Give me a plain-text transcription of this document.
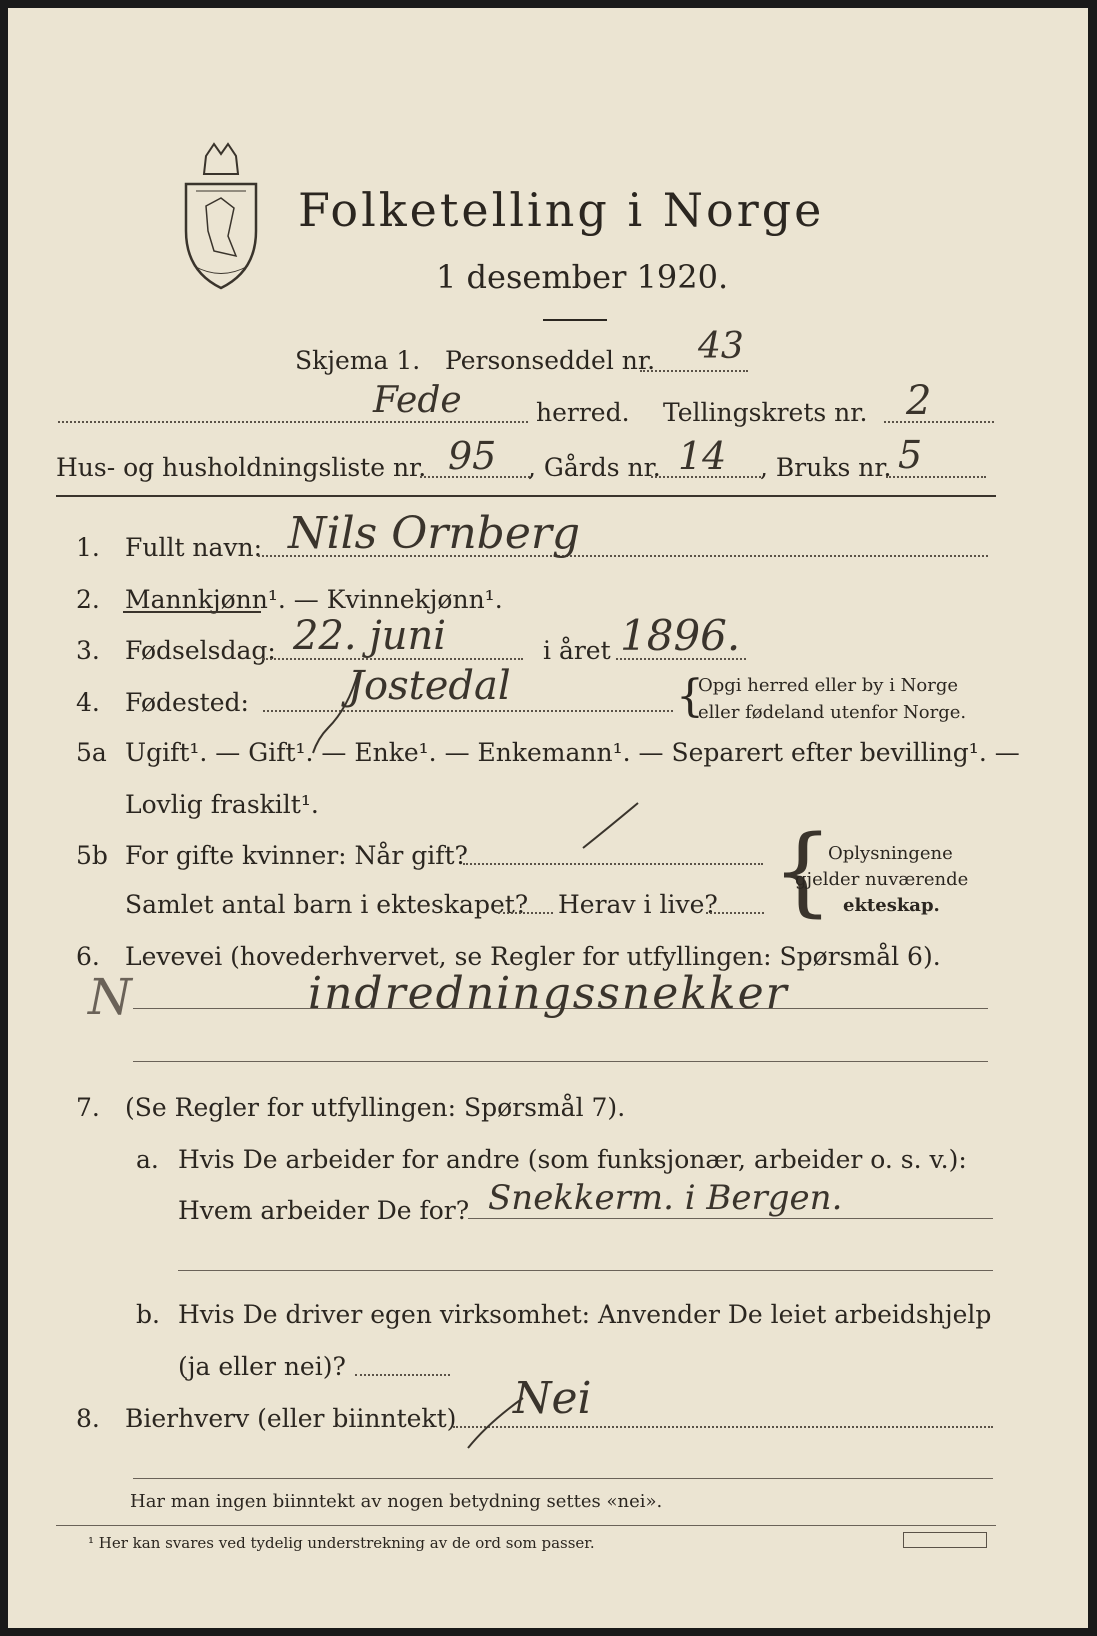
Folketelling i Norge
1 desember 1920.
Skjema 1. Personseddel nr. 43
Fede	herred. Tellingskrets nr. 2
Hus- og husholdningsliste nr. 95 , Gårds nr. 14 , Bruks nr. 5
1. Fullt navn: Nils Ornberg
2. Mannkjønn¹. — Kvinnekjønn¹.
3. Fødselsdag: 22. juni	i året 1896.
4. Fødested: Jostedal	{
Opgi herred eller by i Norge
eller fødeland utenfor Norge.
5a Ugift¹. — Gift¹. — Enke¹. — Enkemann¹. — Separert efter bevilling¹. —
Lovlig fraskilt¹.
5b For gifte kvinner: Når gift?
Samlet antal barn i ekteskapet? Herav i live? {
Oplysningene
gjelder nuværende
ekteskap.
6. Levevei (hovederhvervet, se Regler for utfyllingen: Spørsmål 6).
N	indredningssnekker
7. (Se Regler for utfyllingen: Spørsmål 7).
a. Hvis De arbeider for andre (som funksjonær, arbeider o. s. v.):
Hvem arbeider De for? Snekkerm. i Bergen.
b. Hvis De driver egen virksomhet: Anvender De leiet arbeidshjelp
(ja eller nei)?
8. Bierhverv (eller biinntekt) Nei
Har man ingen biinntekt av nogen betydning settes «nei».
¹ Her kan svares ved tydelig understrekning av de ord som passer.
